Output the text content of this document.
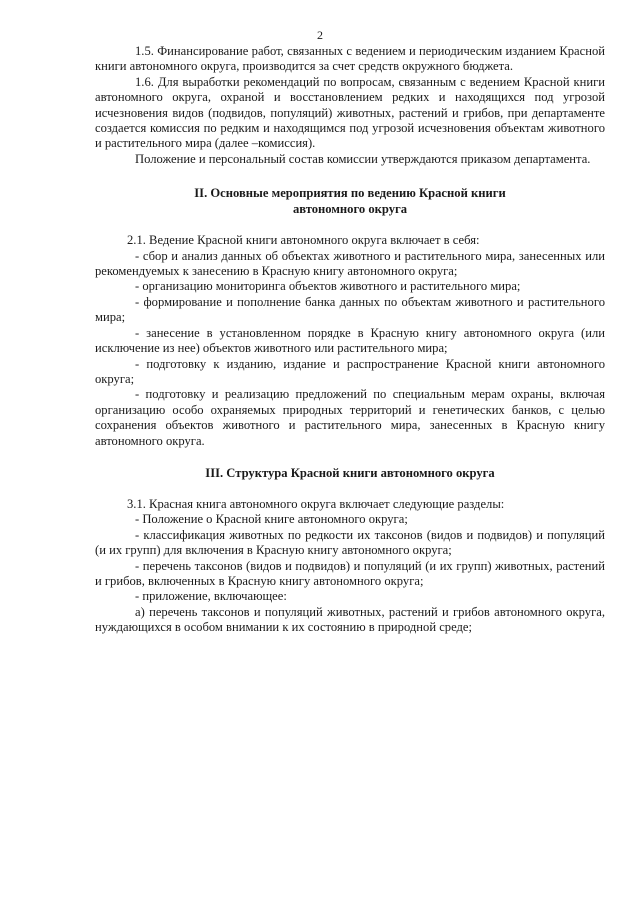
2

1.5. Финансирование работ, связанных с ведением и периодическим изданием Красной книги автономного округа, производится за счет средств окружного бюджета.

1.6. Для выработки рекомендаций по вопросам, связанным с ведением Красной книги автономного округа, охраной и восстановлением редких и находящихся под угрозой исчезновения видов (подвидов, популяций) животных, растений и грибов, при департаменте создается комиссия по редким и находящимся под угрозой исчезновения объектам животного и растительного мира (далее –комиссия).

Положение и персональный состав комиссии утверждаются приказом департамента.

II. Основные мероприятия по ведению Красной книги

автономного округа

2.1. Ведение Красной книги автономного округа включает в себя:

- сбор и анализ данных об объектах животного и растительного мира, занесенных или рекомендуемых к занесению в Красную книгу автономного округа;

- организацию мониторинга объектов животного и растительного мира;

- формирование и пополнение банка данных по объектам животного и растительного мира;

- занесение в установленном порядке в Красную книгу автономного округа (или исключение из нее) объектов животного или растительного мира;

- подготовку к изданию, издание и распространение Красной книги автономного округа;

- подготовку и реализацию предложений по специальным мерам охраны, включая организацию особо охраняемых природных территорий и генетических банков, с целью сохранения объектов животного и растительного мира, занесенных в Красную книгу автономного округа.

III. Структура Красной книги автономного округа

3.1. Красная книга автономного округа включает следующие разделы:

- Положение о Красной книге автономного округа;

- классификация животных по редкости их таксонов (видов и подвидов) и популяций (и их групп) для включения в Красную книгу автономного округа;

- перечень таксонов (видов и подвидов) и популяций (и их групп) животных, растений и грибов, включенных в Красную книгу автономного округа;

- приложение, включающее:

а) перечень таксонов и популяций животных, растений и грибов автономного округа, нуждающихся в особом внимании к их состоянию в природной среде;
